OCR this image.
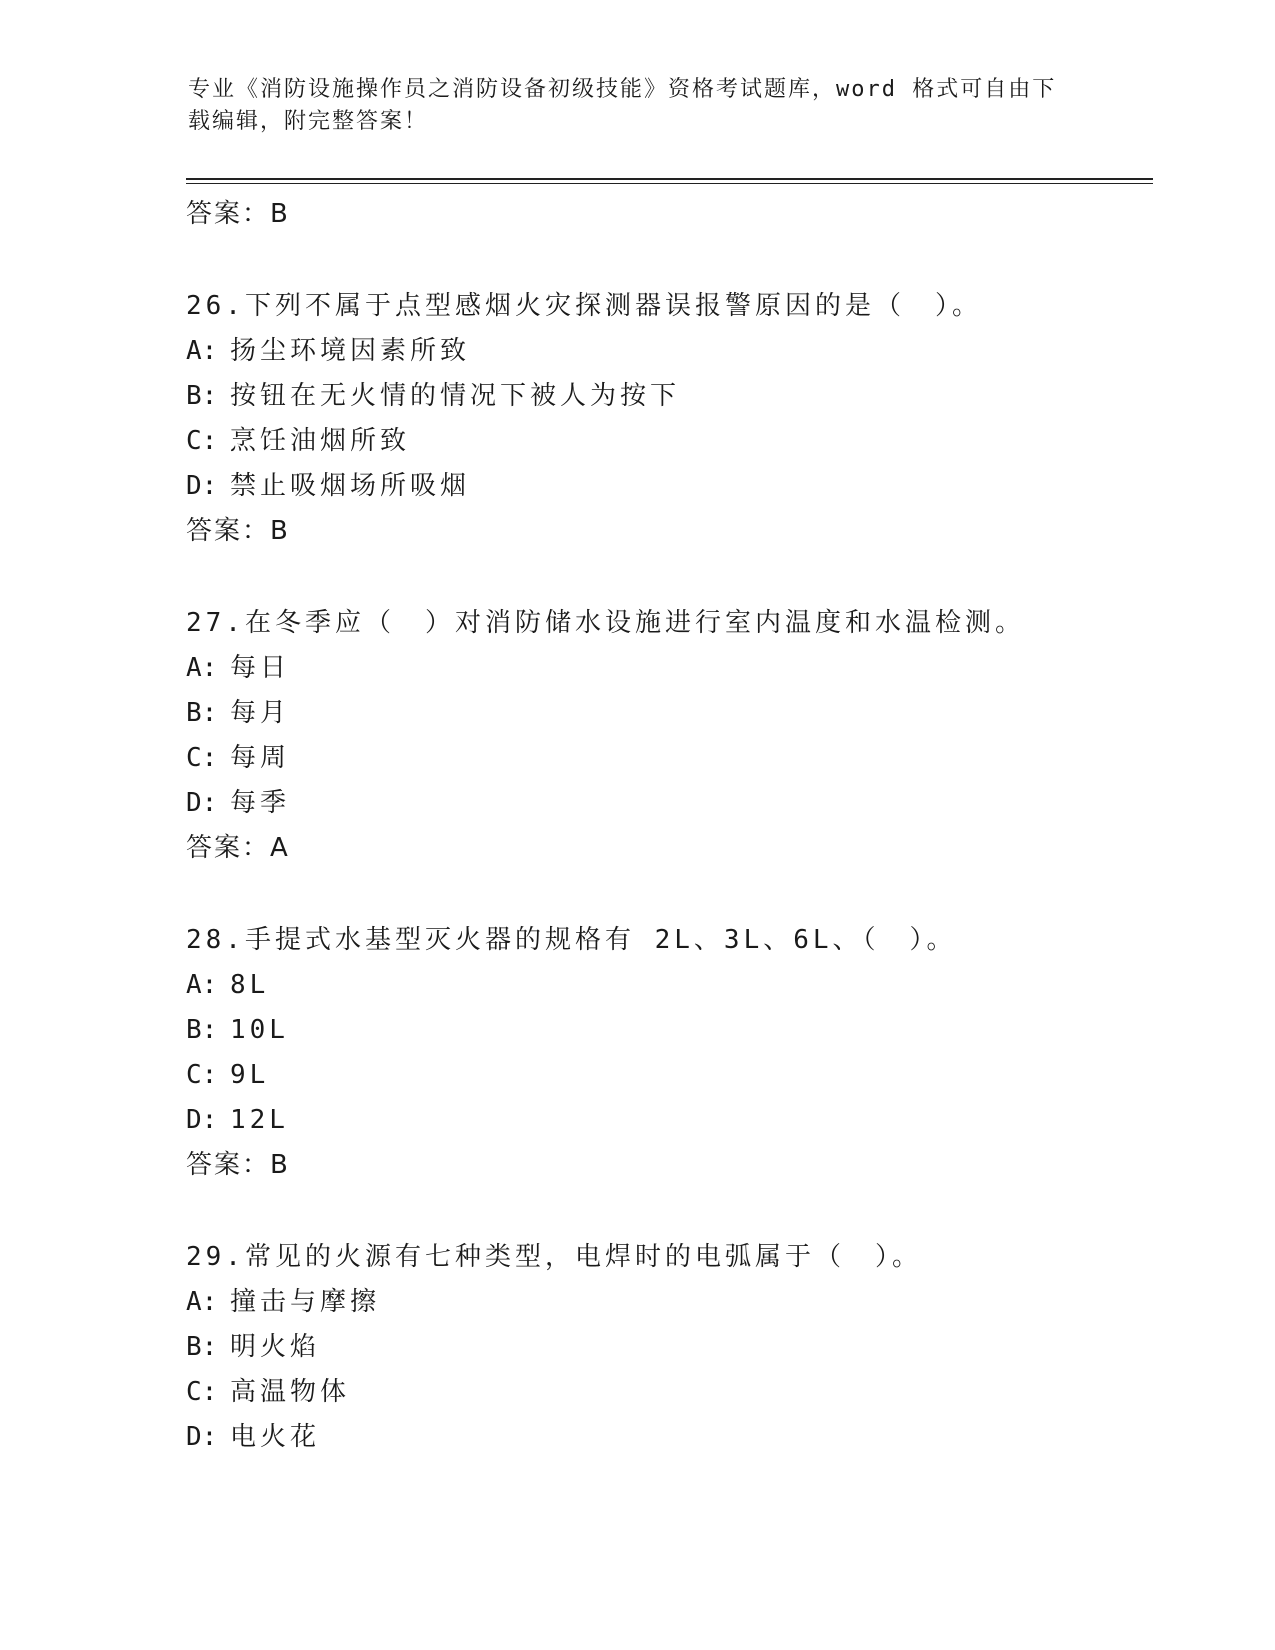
专业《消防设施操作员之消防设备初级技能》资格考试题库，word 格式可自由下
载编辑，附完整答案！
答案：B
26.下列不属于点型感烟火灾探测器误报警原因的是（　）。
A: 扬尘环境因素所致
B: 按钮在无火情的情况下被人为按下
C: 烹饪油烟所致
D: 禁止吸烟场所吸烟
答案：B
27.在冬季应（　）对消防储水设施进行室内温度和水温检测。
A: 每日
B: 每月
C: 每周
D: 每季
答案：A
28.手提式水基型灭火器的规格有 2L、3L、6L、（　）。
A: 8L
B: 10L
C: 9L
D: 12L
答案：B
29.常见的火源有七种类型，电焊时的电弧属于（　）。
A: 撞击与摩擦
B: 明火焰
C: 高温物体
D: 电火花
